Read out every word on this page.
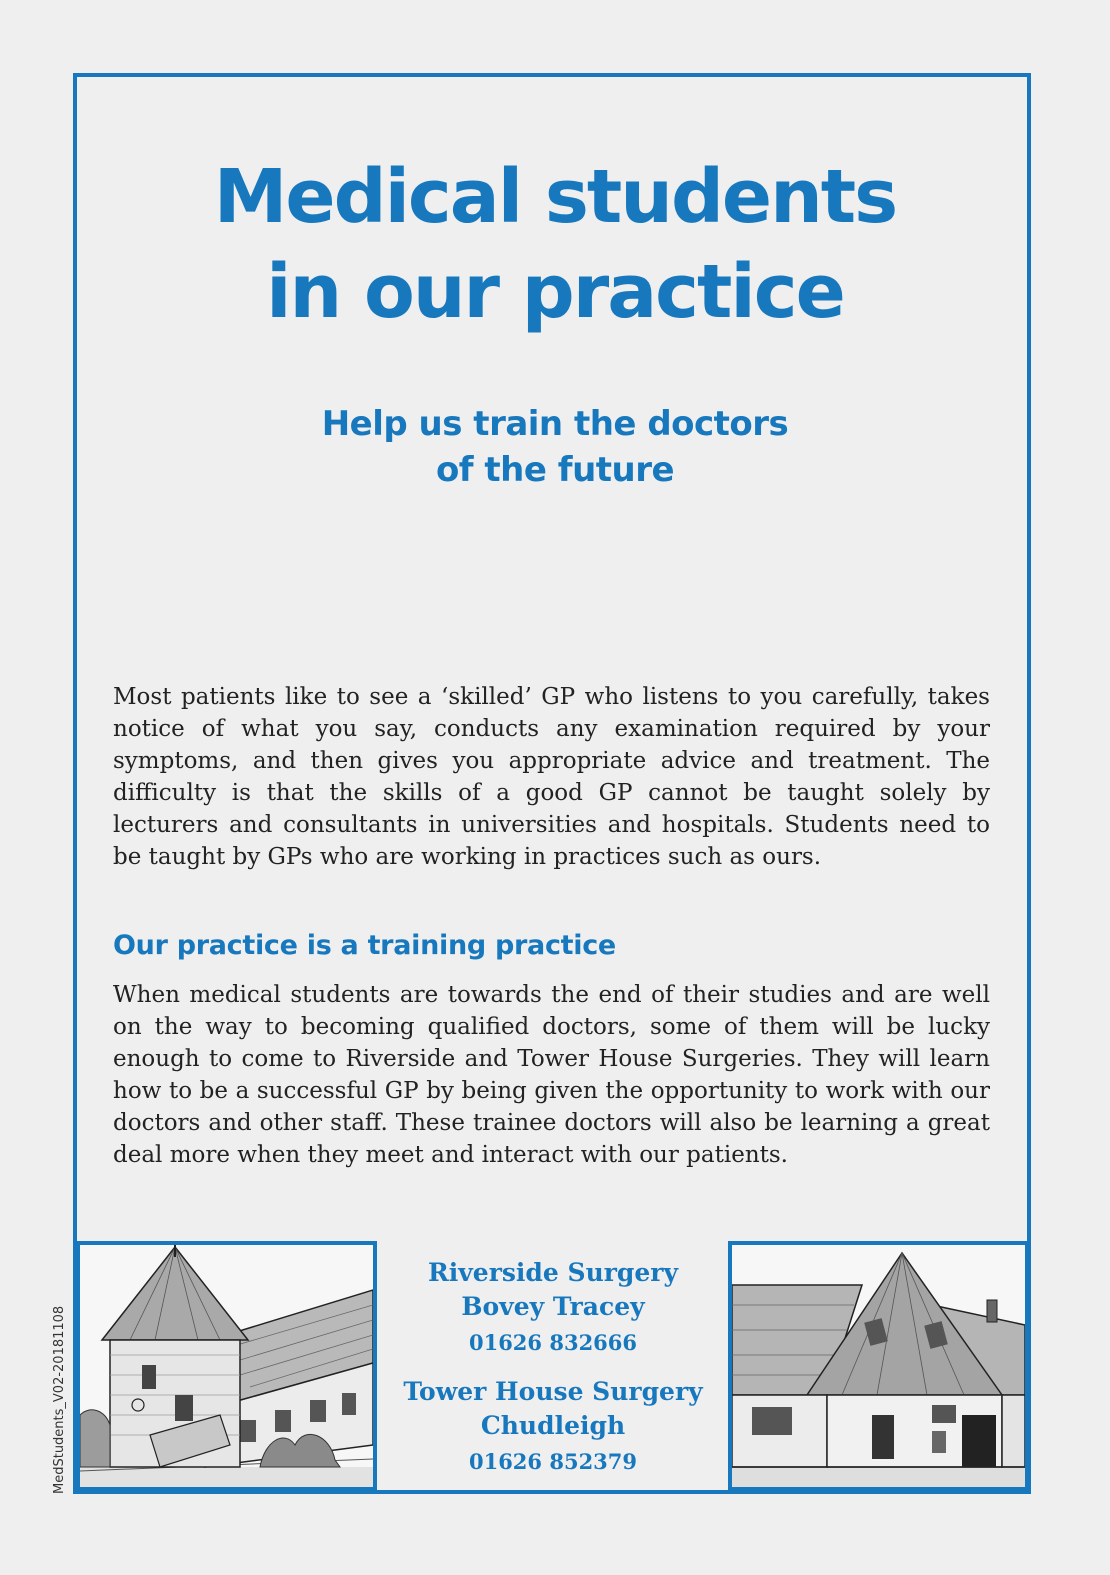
Medical students
in our practice
Help us train the doctors
of the future

Most patients like to see a ‘skilled’ GP who listens to you carefully, takes notice of what you say, conducts any examination required by your symptoms, and then gives you appropriate advice and treatment. The difficulty is that the skills of a good GP cannot be taught solely by lecturers and consultants in universities and hospitals. Students need to be taught by GPs who are working in practices such as ours.

Our practice is a training practice

When medical students are towards the end of their studies and are well on the way to becoming qualified doctors, some of them will be lucky enough to come to Riverside and Tower House Surgeries. They will learn how to be a successful GP by being given the opportunity to work with our doctors and other staff. These trainee doctors will also be learning a great deal more when they meet and interact with our patients.

Riverside Surgery
Bovey Tracey
01626 832666
Tower House Surgery
Chudleigh
01626 852379
MedStudents_V02-20181108
